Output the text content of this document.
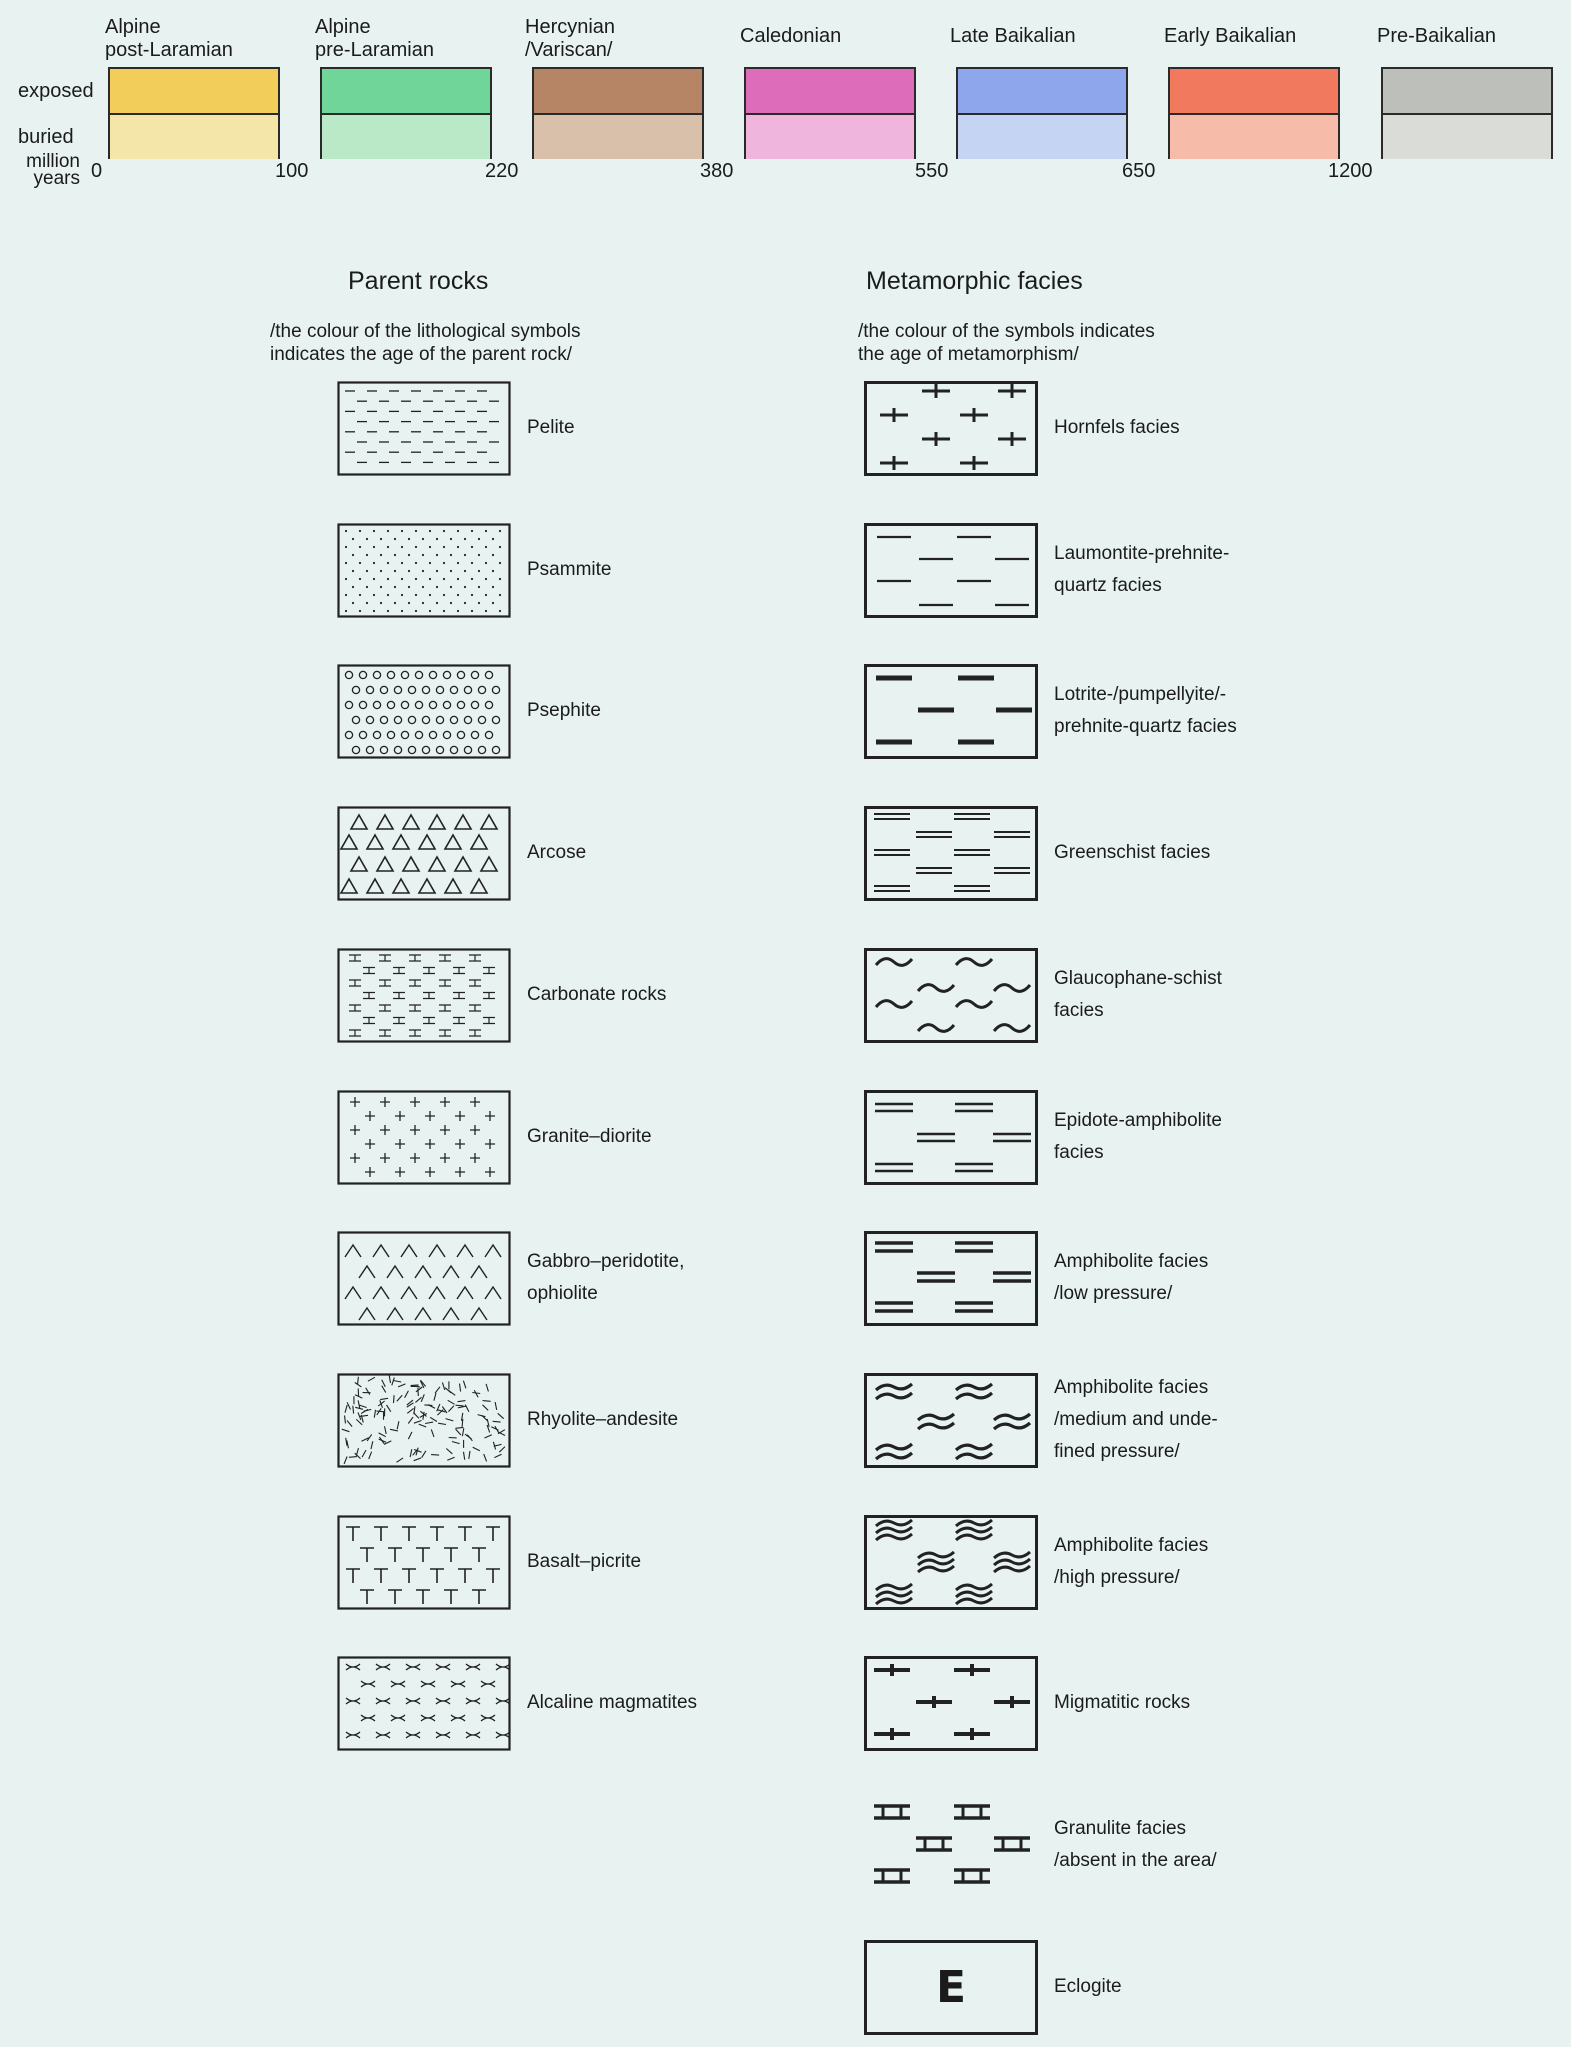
Alpine
post-Laramian
Alpine
pre-Laramian
Hercynian
/Variscan/
Caledonian	Late Baikalian	Early Baikalian	Pre-Baikalian
exposed
buried
million
years 0	100	220	380	550	650	1200
Parent rocks
/the colour of the lithological symbols
indicates the age of the parent rock/
Metamorphic facies
/the colour of the symbols indicates
the age of metamorphism/
Pelite
Psammite
Psephite
Arcose
Carbonate rocks
Granite–diorite
Gabbro–peridotite,
ophiolite
Rhyolite–andesite
Basalt–picrite
Alcaline magmatites
Hornfels facies
Laumontite-prehnite-
quartz facies
Lotrite-/pumpellyite/-
prehnite-quartz facies
Greenschist facies
Glaucophane-schist
facies
Epidote-amphibolite
facies
Amphibolite facies
/low pressure/
Amphibolite facies
/medium and unde-
fined pressure/
Amphibolite facies
/high pressure/
Migmatitic rocks
Granulite facies
/absent in the area/
E	Eclogite
